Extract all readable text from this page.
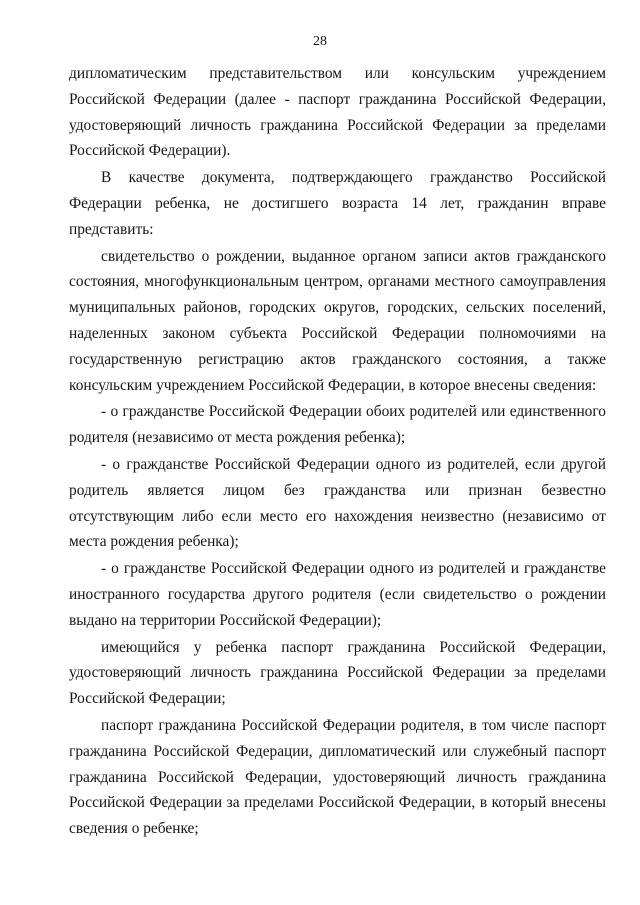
28

дипломатическим представительством или консульским учреждением Российской Федерации (далее - паспорт гражданина Российской Федерации, удостоверяющий личность гражданина Российской Федерации за пределами Российской Федерации).

В качестве документа, подтверждающего гражданство Российской Федерации ребенка, не достигшего возраста 14 лет, гражданин вправе представить:

свидетельство о рождении, выданное органом записи актов гражданского состояния, многофункциональным центром, органами местного самоуправления муниципальных районов, городских округов, городских, сельских поселений, наделенных законом субъекта Российской Федерации полномочиями на государственную регистрацию актов гражданского состояния, а также консульским учреждением Российской Федерации, в которое внесены сведения:

- о гражданстве Российской Федерации обоих родителей или единственного родителя (независимо от места рождения ребенка);

- о гражданстве Российской Федерации одного из родителей, если другой родитель является лицом без гражданства или признан безвестно отсутствующим либо если место его нахождения неизвестно (независимо от места рождения ребенка);

- о гражданстве Российской Федерации одного из родителей и гражданстве иностранного государства другого родителя (если свидетельство о рождении выдано на территории Российской Федерации);

имеющийся у ребенка паспорт гражданина Российской Федерации, удостоверяющий личность гражданина Российской Федерации за пределами Российской Федерации;

паспорт гражданина Российской Федерации родителя, в том числе паспорт гражданина Российской Федерации, дипломатический или служебный паспорт гражданина Российской Федерации, удостоверяющий личность гражданина Российской Федерации за пределами Российской Федерации, в который внесены сведения о ребенке;
